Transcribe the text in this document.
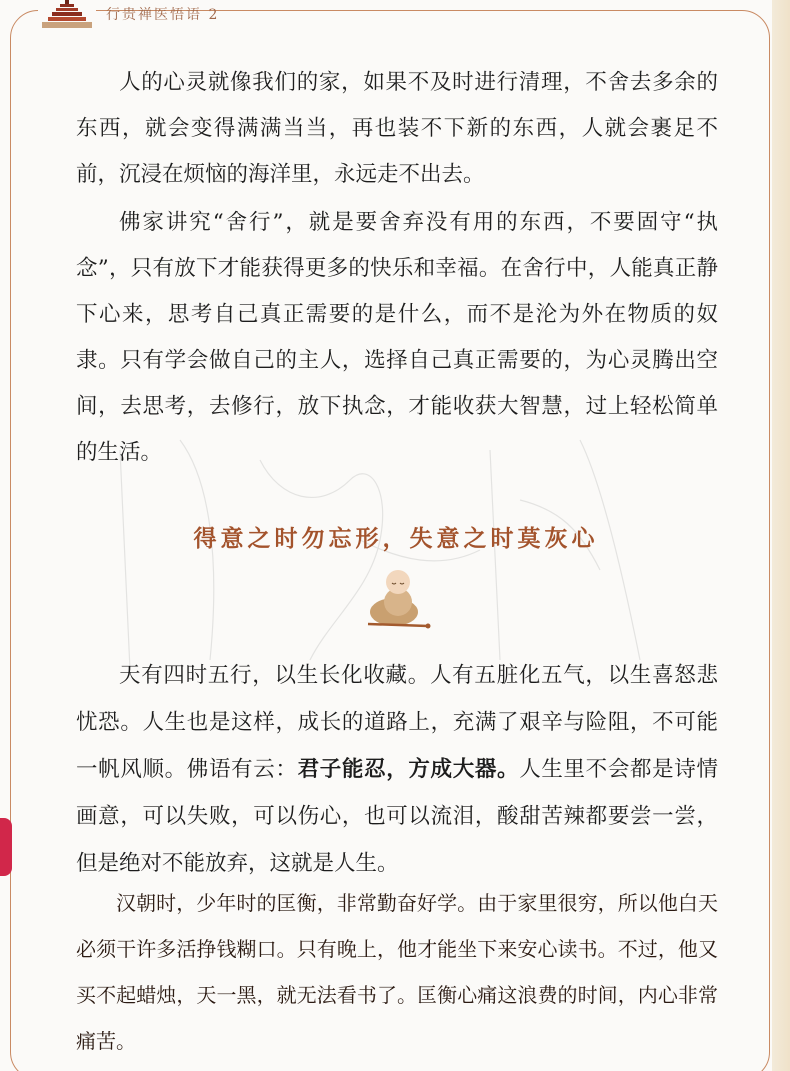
行贵禅医悟语 2

人的心灵就像我们的家，如果不及时进行清理，不舍去多余的东西，就会变得满满当当，再也装不下新的东西，人就会裹足不前，沉浸在烦恼的海洋里，永远走不出去。

佛家讲究“舍行”，就是要舍弃没有用的东西，不要固守“执念”，只有放下才能获得更多的快乐和幸福。在舍行中，人能真正静下心来，思考自己真正需要的是什么，而不是沦为外在物质的奴隶。只有学会做自己的主人，选择自己真正需要的，为心灵腾出空间，去思考，去修行，放下执念，才能收获大智慧，过上轻松简单的生活。

得意之时勿忘形，失意之时莫灰心

天有四时五行，以生长化收藏。人有五脏化五气，以生喜怒悲忧恐。人生也是这样，成长的道路上，充满了艰辛与险阻，不可能一帆风顺。佛语有云：君子能忍，方成大器。人生里不会都是诗情画意，可以失败，可以伤心，也可以流泪，酸甜苦辣都要尝一尝，但是绝对不能放弃，这就是人生。

汉朝时，少年时的匡衡，非常勤奋好学。由于家里很穷，所以他白天必须干许多活挣钱糊口。只有晚上，他才能坐下来安心读书。不过，他又买不起蜡烛，天一黑，就无法看书了。匡衡心痛这浪费的时间，内心非常痛苦。
